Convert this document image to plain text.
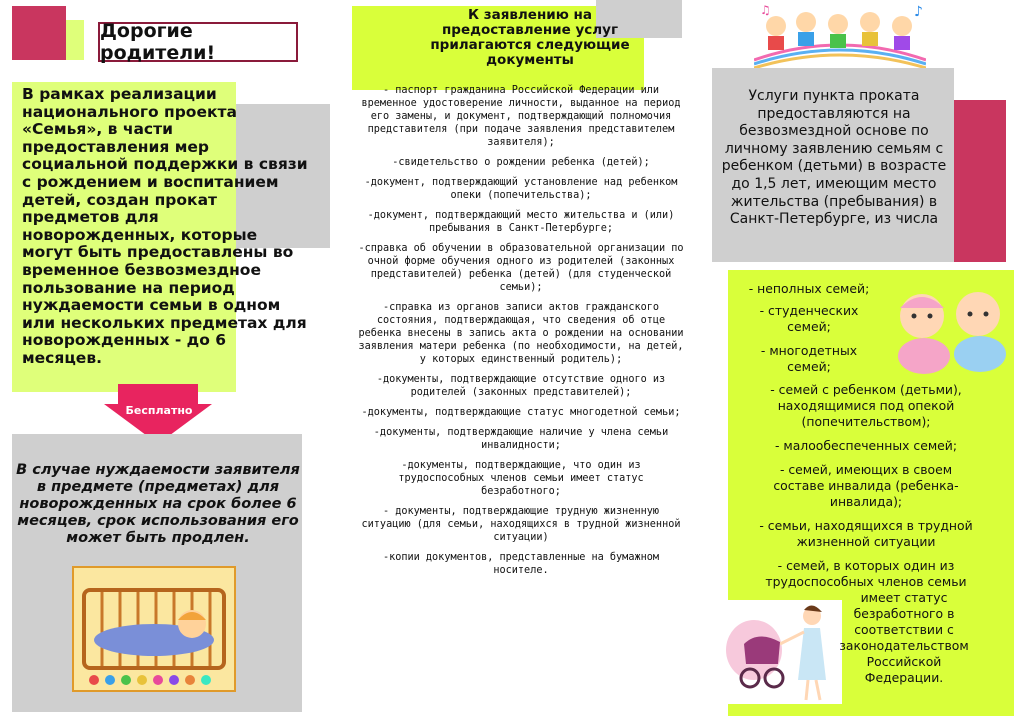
Дорогие родители!
В рамках реализации национального проекта «Семья», в части предоставления мер социальной поддержки в связи с рождением и воспитанием детей, создан прокат предметов для новорожденных, которые могут быть предоставлены во временное безвозмездное пользование на период нуждаемости семьи в одном или нескольких предметах для новорожденных - до 6 месяцев.
Бесплатно
В случае нуждаемости заявителя в предмете (предметах) для новорожденных на срок более 6 месяцев, срок использования его может быть продлен.
К заявлению на предоставление услуг прилагаются следующие документы

- паспорт гражданина Российской Федерации или временное удостоверение личности, выданное на период его замены, и документ, подтверждающий полномочия представителя (при подаче заявления представителем заявителя);

-свидетельство о рождении ребенка (детей);

-документ, подтверждающий установление над ребенком опеки (попечительства);

-документ, подтверждающий место жительства и (или) пребывания в Санкт-Петербурге;

-справка об обучении в образовательной организации по очной форме обучения одного из родителей (законных представителей) ребенка (детей) (для студенческой семьи);

-справка из органов записи актов гражданского состояния, подтверждающая, что сведения об отце ребенка внесены в запись акта о рождении на основании заявления матери ребенка (по необходимости, на детей, у которых единственный родитель);

-документы, подтверждающие отсутствие одного из родителей (законных представителей);

-документы, подтверждающие статус многодетной семьи;

-документы, подтверждающие наличие у члена семьи инвалидности;

-документы, подтверждающие, что один из трудоспособных членов семьи имеет статус безработного;

- документы, подтверждающие трудную жизненную ситуацию (для семьи, находящихся в трудной жизненной ситуации)

-копии документов, представленные на бумажном носителе.

♪
♫
Услуги пункта проката предоставляются на безвозмездной основе по личному заявлению семьям с ребенком (детьми) в возрасте до 1,5 лет, имеющим место жительства (пребывания) в Санкт-Петербурге, из числа
- неполных семей;
- студенческих
семей;
- многодетных
семей;
- семей с ребенком (детьми),
находящимися под опекой
(попечительством);
- малообеспеченных семей;
- семей, имеющих в своем
составе инвалида (ребенка-
инвалида);
- семьи, находящихся в трудной
жизненной ситуации
- семей, в которых один из
трудоспособных членов семьи
имеет статус
безработного в
соответствии с
законодательством
Российской
Федерации.
